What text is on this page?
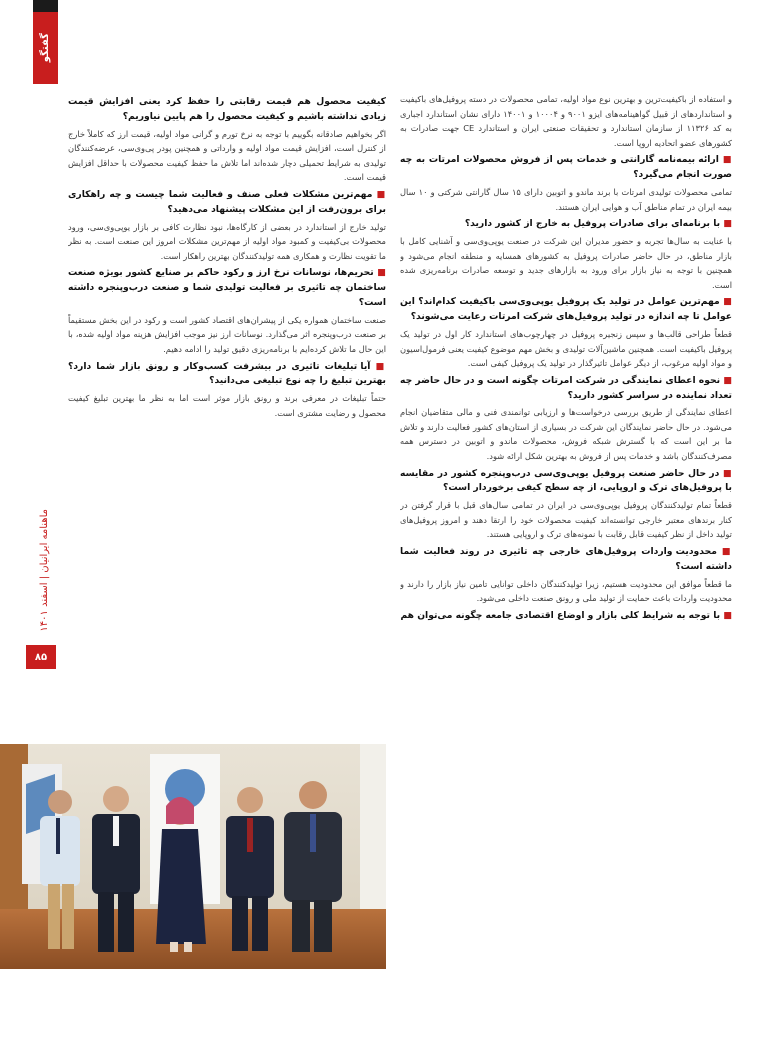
گفتگو
ماهنامه ایرانیان | اسفند ۱۴۰۱
۸۵
و استفاده از باکیفیت‌ترین و بهترین نوع مواد اولیه، تمامی محصولات در دسته پروفیل‌های باکیفیت و استانداردهای از قبیل گواهینامه‌های ایزو ۹۰۰۱ و ۱۰۰۰۴ و ۱۴۰۰۱ دارای نشان استاندارد اجباری به کد ۱۱۳۲۶ از سازمان استاندارد و تحقیقات صنعتی ایران و استاندارد CE جهت صادرات به کشورهای عضو اتحادیه اروپا است.
■ ارائه بیمه‌نامه گارانتی و خدمات پس از فروش محصولات امرتات به چه صورت انجام می‌گیرد؟
تمامی محصولات تولیدی امرتات با برند ماندو و اتوبین دارای ۱۵ سال گارانتی شرکتی و ۱۰ سال بیمه ایران در تمام مناطق آب و هوایی ایران هستند.
■ با برنامه‌ای برای صادرات پروفیل به خارج از کشور دارید؟
با عنایت به سال‌ها تجربه و حضور مدیران این شرکت در صنعت یوپی‌وی‌سی و آشنایی کامل با بازار مناطق، در حال حاضر صادرات پروفیل به کشورهای همسایه و منطقه انجام می‌شود و همچنین با توجه به نیاز بازار برای ورود به بازارهای جدید و توسعه صادرات برنامه‌ریزی شده است.
■ مهم‌ترین عوامل در تولید یک پروفیل یوپی‌وی‌سی باکیفیت کدام‌اند؟ این عوامل تا چه اندازه در تولید پروفیل‌های شرکت امرتات رعایت می‌شوند؟
قطعاً طراحی قالب‌ها و سپس زنجیره پروفیل در چهارچوب‌های استاندارد کار اول در تولید یک پروفیل باکیفیت است. همچنین ماشین‌آلات تولیدی و بخش مهم موضوع کیفیت یعنی فرمول‌اسیون و مواد اولیه مرغوب، از دیگر عوامل تاثیرگذار در تولید یک پروفیل کیفی است.
■ نحوه اعطای نمایندگی در شرکت امرتات چگونه است و در حال حاضر چه تعداد نماینده در سراسر کشور دارید؟
اعطای نمایندگی از طریق بررسی درخواست‌ها و ارزیابی توانمندی فنی و مالی متقاضیان انجام می‌شود. در حال حاضر نمایندگان این شرکت در بسیاری از استان‌های کشور فعالیت دارند و تلاش ما بر این است که با گسترش شبکه فروش، محصولات ماندو و اتوبین در دسترس همه مصرف‌کنندگان باشد و خدمات پس از فروش به بهترین شکل ارائه شود.
■ در حال حاضر صنعت پروفیل یوپی‌وی‌سی درب‌وپنجره کشور در مقایسه با پروفیل‌های ترک و اروپایی، از چه سطح کیفی برخوردار است؟
قطعاً تمام تولیدکنندگان پروفیل یوپی‌وی‌سی در ایران در تمامی سال‌های قبل با قرار گرفتن در کنار برندهای معتبر خارجی توانسته‌اند کیفیت محصولات خود را ارتقا دهند و امروز پروفیل‌های تولید داخل از نظر کیفیت قابل رقابت با نمونه‌های ترک و اروپایی هستند.
■ محدودیت واردات پروفیل‌های خارجی چه تاثیری در روند فعالیت شما داشته است؟
ما قطعاً موافق این محدودیت هستیم، زیرا تولیدکنندگان داخلی توانایی تامین نیاز بازار را دارند و محدودیت واردات باعث حمایت از تولید ملی و رونق صنعت داخلی می‌شود.
■ با توجه به شرایط کلی بازار و اوضاع اقتصادی جامعه چگونه می‌توان هم
کیفیت محصول هم قیمت رقابتی را حفظ کرد یعنی افزایش قیمت زیادی نداشته باشیم و کیفیت محصول را هم پایین نیاوریم؟
اگر بخواهیم صادقانه بگوییم با توجه به نرخ تورم و گرانی مواد اولیه، قیمت ارز که کاملاً خارج از کنترل است، افزایش قیمت مواد اولیه و وارداتی و همچنین پودر پی‌وی‌سی، عرضه‌کنندگان تولیدی به شرایط تحمیلی دچار شده‌اند اما تلاش ما حفظ کیفیت محصولات با حداقل افزایش قیمت است.
■ مهم‌ترین مشکلات فعلی صنف و فعالیت شما چیست و چه راهکاری برای برون‌رفت از این مشکلات پیشنهاد می‌دهید؟
تولید خارج از استاندارد در بعضی از کارگاه‌ها، نبود نظارت کافی بر بازار یوپی‌وی‌سی، ورود محصولات بی‌کیفیت و کمبود مواد اولیه از مهم‌ترین مشکلات امروز این صنعت است. به نظر ما تقویت نظارت و همکاری همه تولیدکنندگان بهترین راهکار است.
■ تحریم‌ها، نوسانات نرخ ارز و رکود حاکم بر صنایع کشور بویژه صنعت ساختمان چه تاثیری بر فعالیت تولیدی شما و صنعت درب‌وپنجره داشته است؟
صنعت ساختمان همواره یکی از پیشران‌های اقتصاد کشور است و رکود در این بخش مستقیماً بر صنعت درب‌وپنجره اثر می‌گذارد. نوسانات ارز نیز موجب افزایش هزینه مواد اولیه شده، با این حال ما تلاش کرده‌ایم با برنامه‌ریزی دقیق تولید را ادامه دهیم.
■ آیا تبلیغات تاثیری در بیشرفت کسب‌وکار و رونق بازار شما دارد؟ بهترین تبلیغ را چه نوع تبلیغی می‌دانید؟
حتماً تبلیغات در معرفی برند و رونق بازار موثر است اما به نظر ما بهترین تبلیغ کیفیت محصول و رضایت مشتری است.
